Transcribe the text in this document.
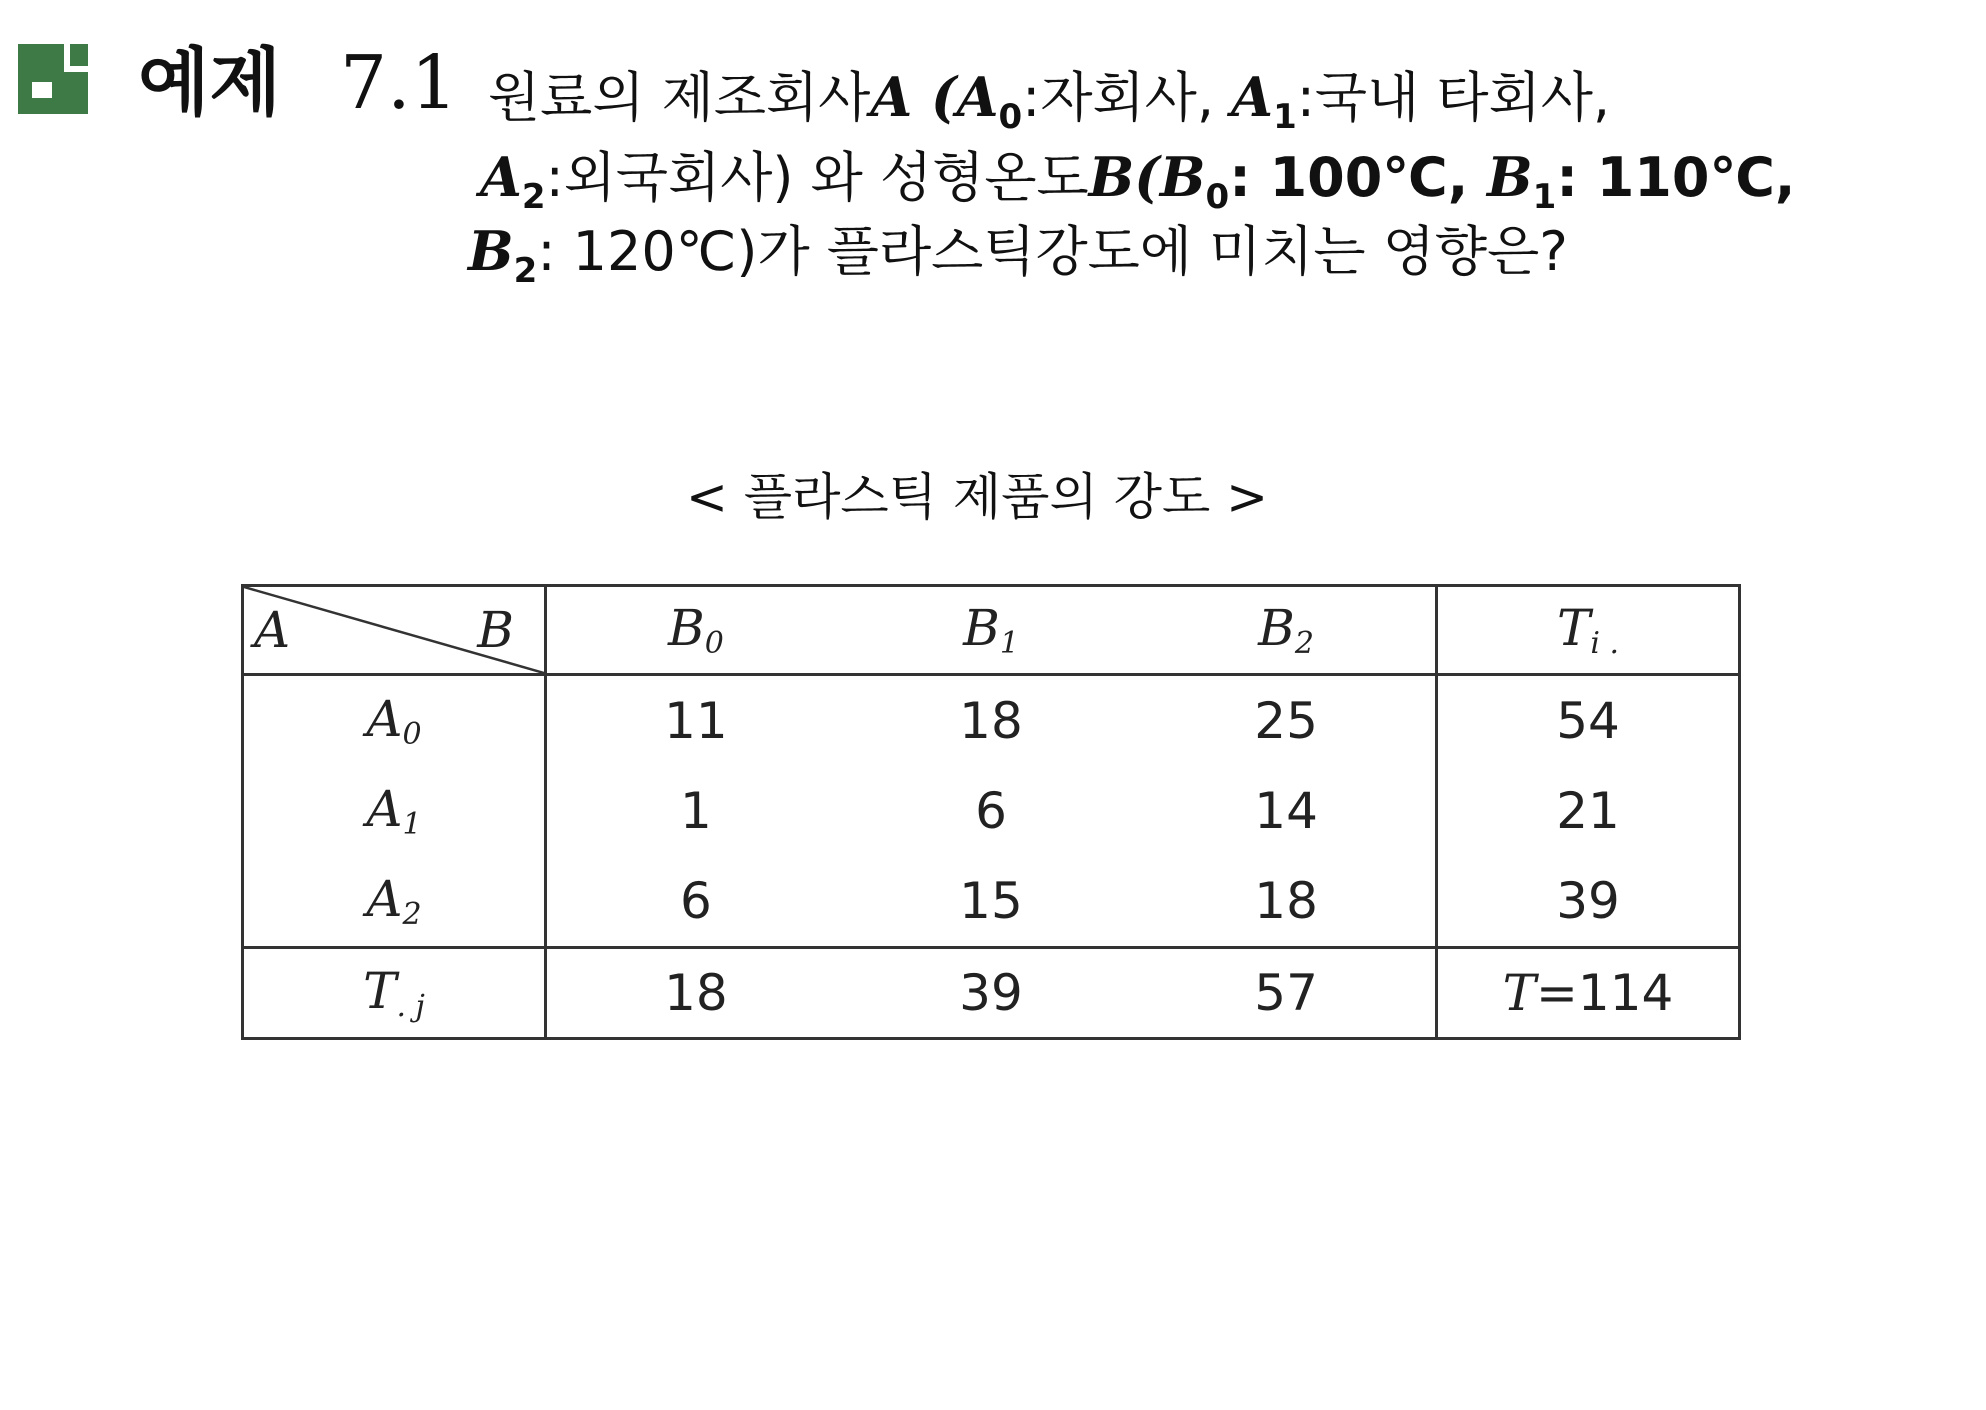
예제 7.1 원료의 제조회사A ($A_0$:자회사, $A_1$:국내 타회사,
$A_2$:외국회사) 와 성형온도$B(B_0$: 100℃, $B_1$: 110℃,
$B_2$: 120℃)가 플라스틱강도에 미치는 영향은?
< 플라스틱 제품의 강도 >
A B	B0	B1	B2	Ti .
A0	11	18	25	54
A1	1	6	14	21
A2	6	15	18	39
T. j	18	39	57	T=114
